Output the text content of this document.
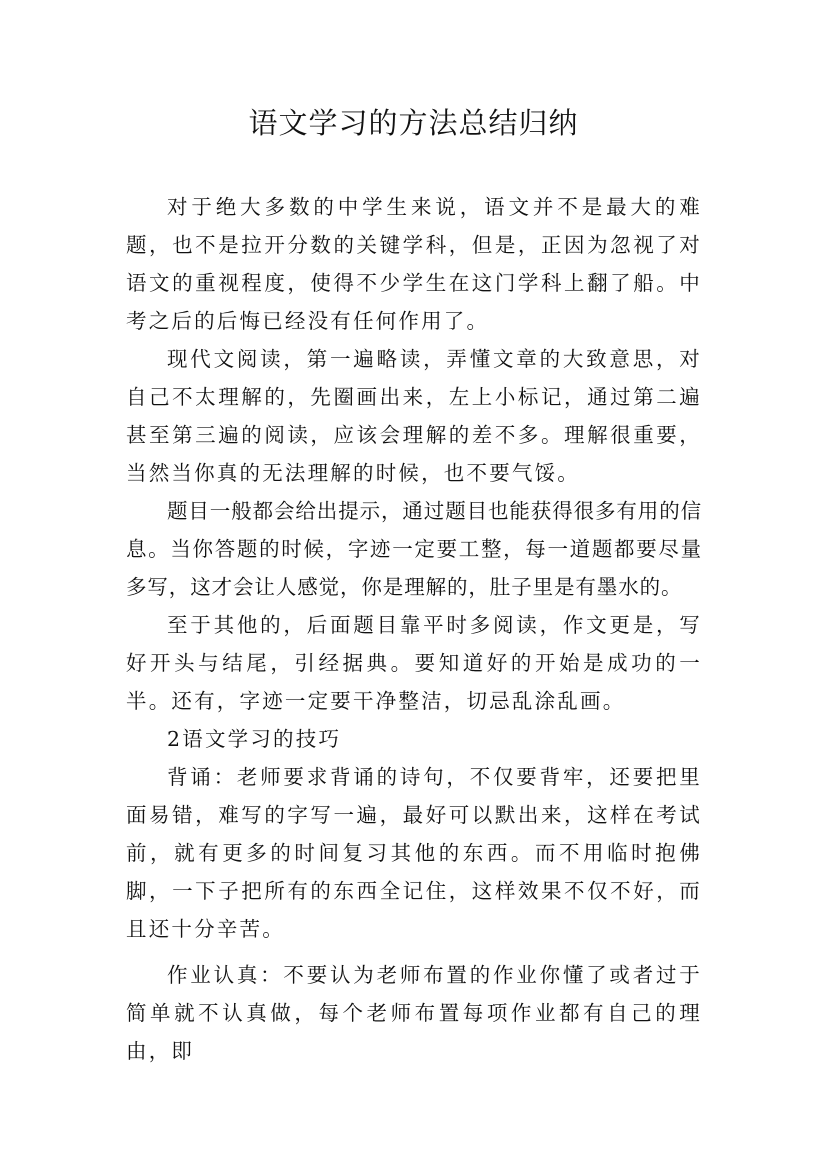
语文学习的方法总结归纳

对于绝大多数的中学生来说，语文并不是最大的难题，也不是拉开分数的关键学科，但是，正因为忽视了对语文的重视程度，使得不少学生在这门学科上翻了船。中考之后的后悔已经没有任何作用了。

现代文阅读，第一遍略读，弄懂文章的大致意思，对自己不太理解的，先圈画出来，左上小标记，通过第二遍甚至第三遍的阅读，应该会理解的差不多。理解很重要，当然当你真的无法理解的时候，也不要气馁。

题目一般都会给出提示，通过题目也能获得很多有用的信息。当你答题的时候，字迹一定要工整，每一道题都要尽量多写，这才会让人感觉，你是理解的，肚子里是有墨水的。

至于其他的，后面题目靠平时多阅读，作文更是，写好开头与结尾，引经据典。要知道好的开始是成功的一半。还有，字迹一定要干净整洁，切忌乱涂乱画。

2语文学习的技巧

背诵：老师要求背诵的诗句，不仅要背牢，还要把里面易错，难写的字写一遍，最好可以默出来，这样在考试前，就有更多的时间复习其他的东西。而不用临时抱佛脚，一下子把所有的东西全记住，这样效果不仅不好，而且还十分辛苦。

作业认真：不要认为老师布置的作业你懂了或者过于简单就不认真做，每个老师布置每项作业都有自己的理由，即
